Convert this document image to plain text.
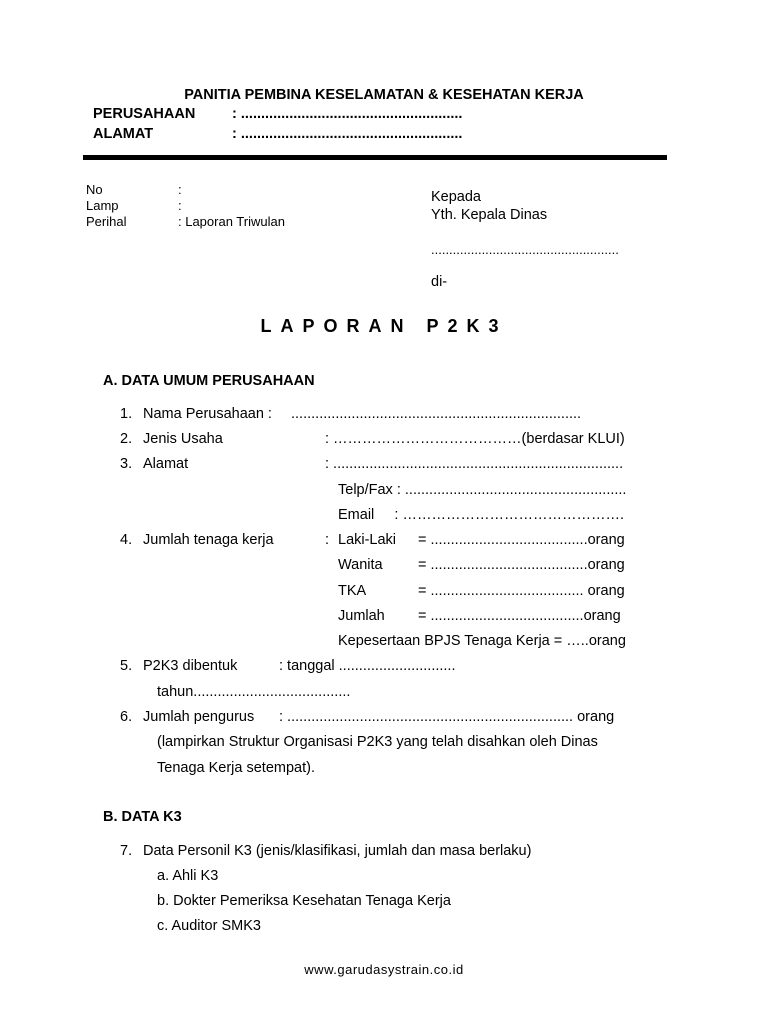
PANITIA PEMBINA KESELAMATAN & KESEHATAN KERJA
PERUSAHAAN	: .......................................................
ALAMAT	: .......................................................
No	:
Lamp	:
Perihal	: Laporan Triwulan
Kepada
Yth. Kepala Dinas
....................................................
di-
LAPORAN P2K3
A. DATA UMUM PERUSAHAAN
1. Nama Perusahaan : ........................................................................
2. Jenis Usaha	: …………………………………(berdasar KLUI)
3. Alamat	: ........................................................................
Telp/Fax : .......................................................
Email     : ……………………………………….
4. Jumlah tenaga kerja	: Laki-Laki = .......................................orang
Wanita = .......................................orang
TKA	= ...................................... orang
Jumlah = ......................................orang
Kepesertaan BPJS Tenaga Kerja = …..orang
5. P2K3 dibentuk	: tanggal .............................
tahun.......................................
6. Jumlah pengurus : ....................................................................... orang
(lampirkan Struktur Organisasi P2K3 yang telah disahkan oleh Dinas
Tenaga Kerja setempat).
B. DATA K3
7. Data Personil K3 (jenis/klasifikasi, jumlah dan masa berlaku)
a. Ahli K3
b. Dokter Pemeriksa Kesehatan Tenaga Kerja
c. Auditor SMK3
www.garudasystrain.co.id
